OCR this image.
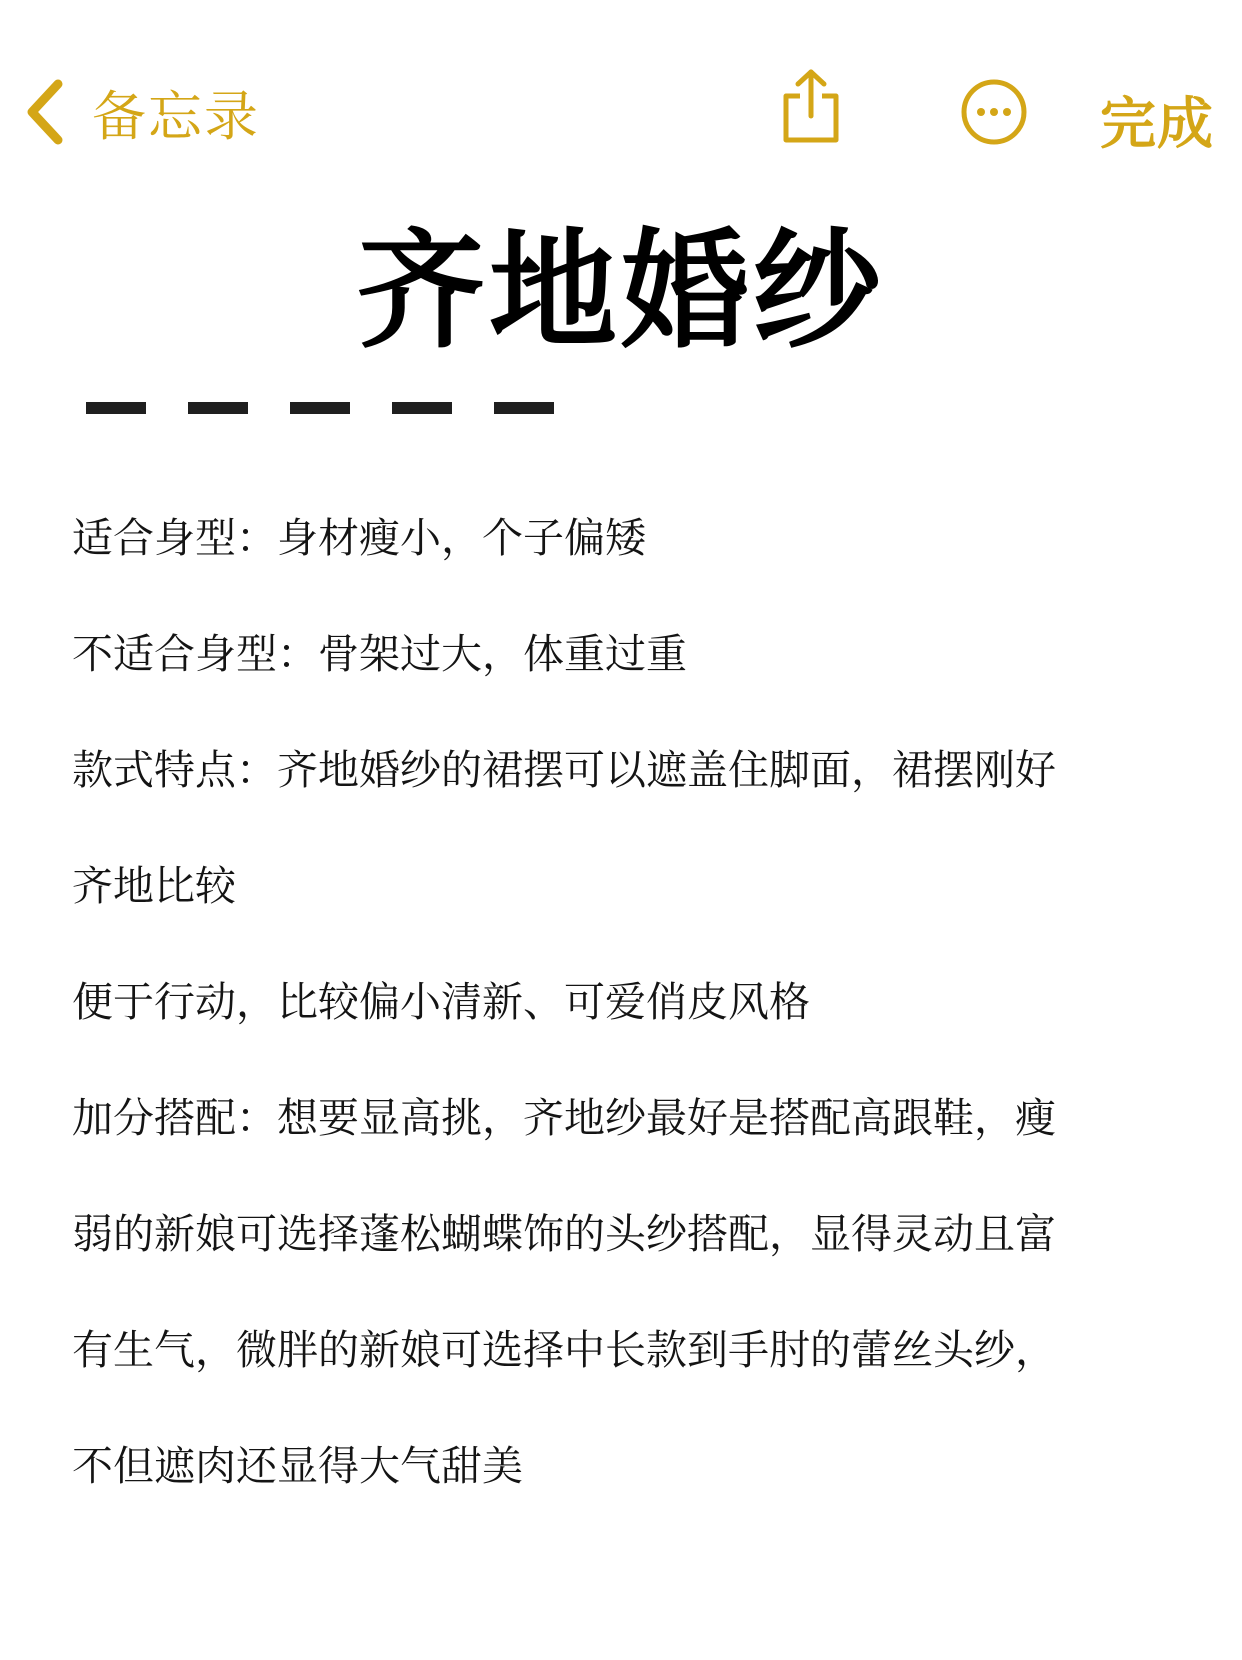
备忘录	完成
齐地婚纱
适合身型：身材瘦小，个子偏矮
不适合身型：骨架过大，体重过重
款式特点：齐地婚纱的裙摆可以遮盖住脚面，裙摆刚好
齐地比较
便于行动，比较偏小清新、可爱俏皮风格
加分搭配：想要显高挑，齐地纱最好是搭配高跟鞋，瘦
弱的新娘可选择蓬松蝴蝶饰的头纱搭配，显得灵动且富
有生气，微胖的新娘可选择中长款到手肘的蕾丝头纱，
不但遮肉还显得大气甜美
